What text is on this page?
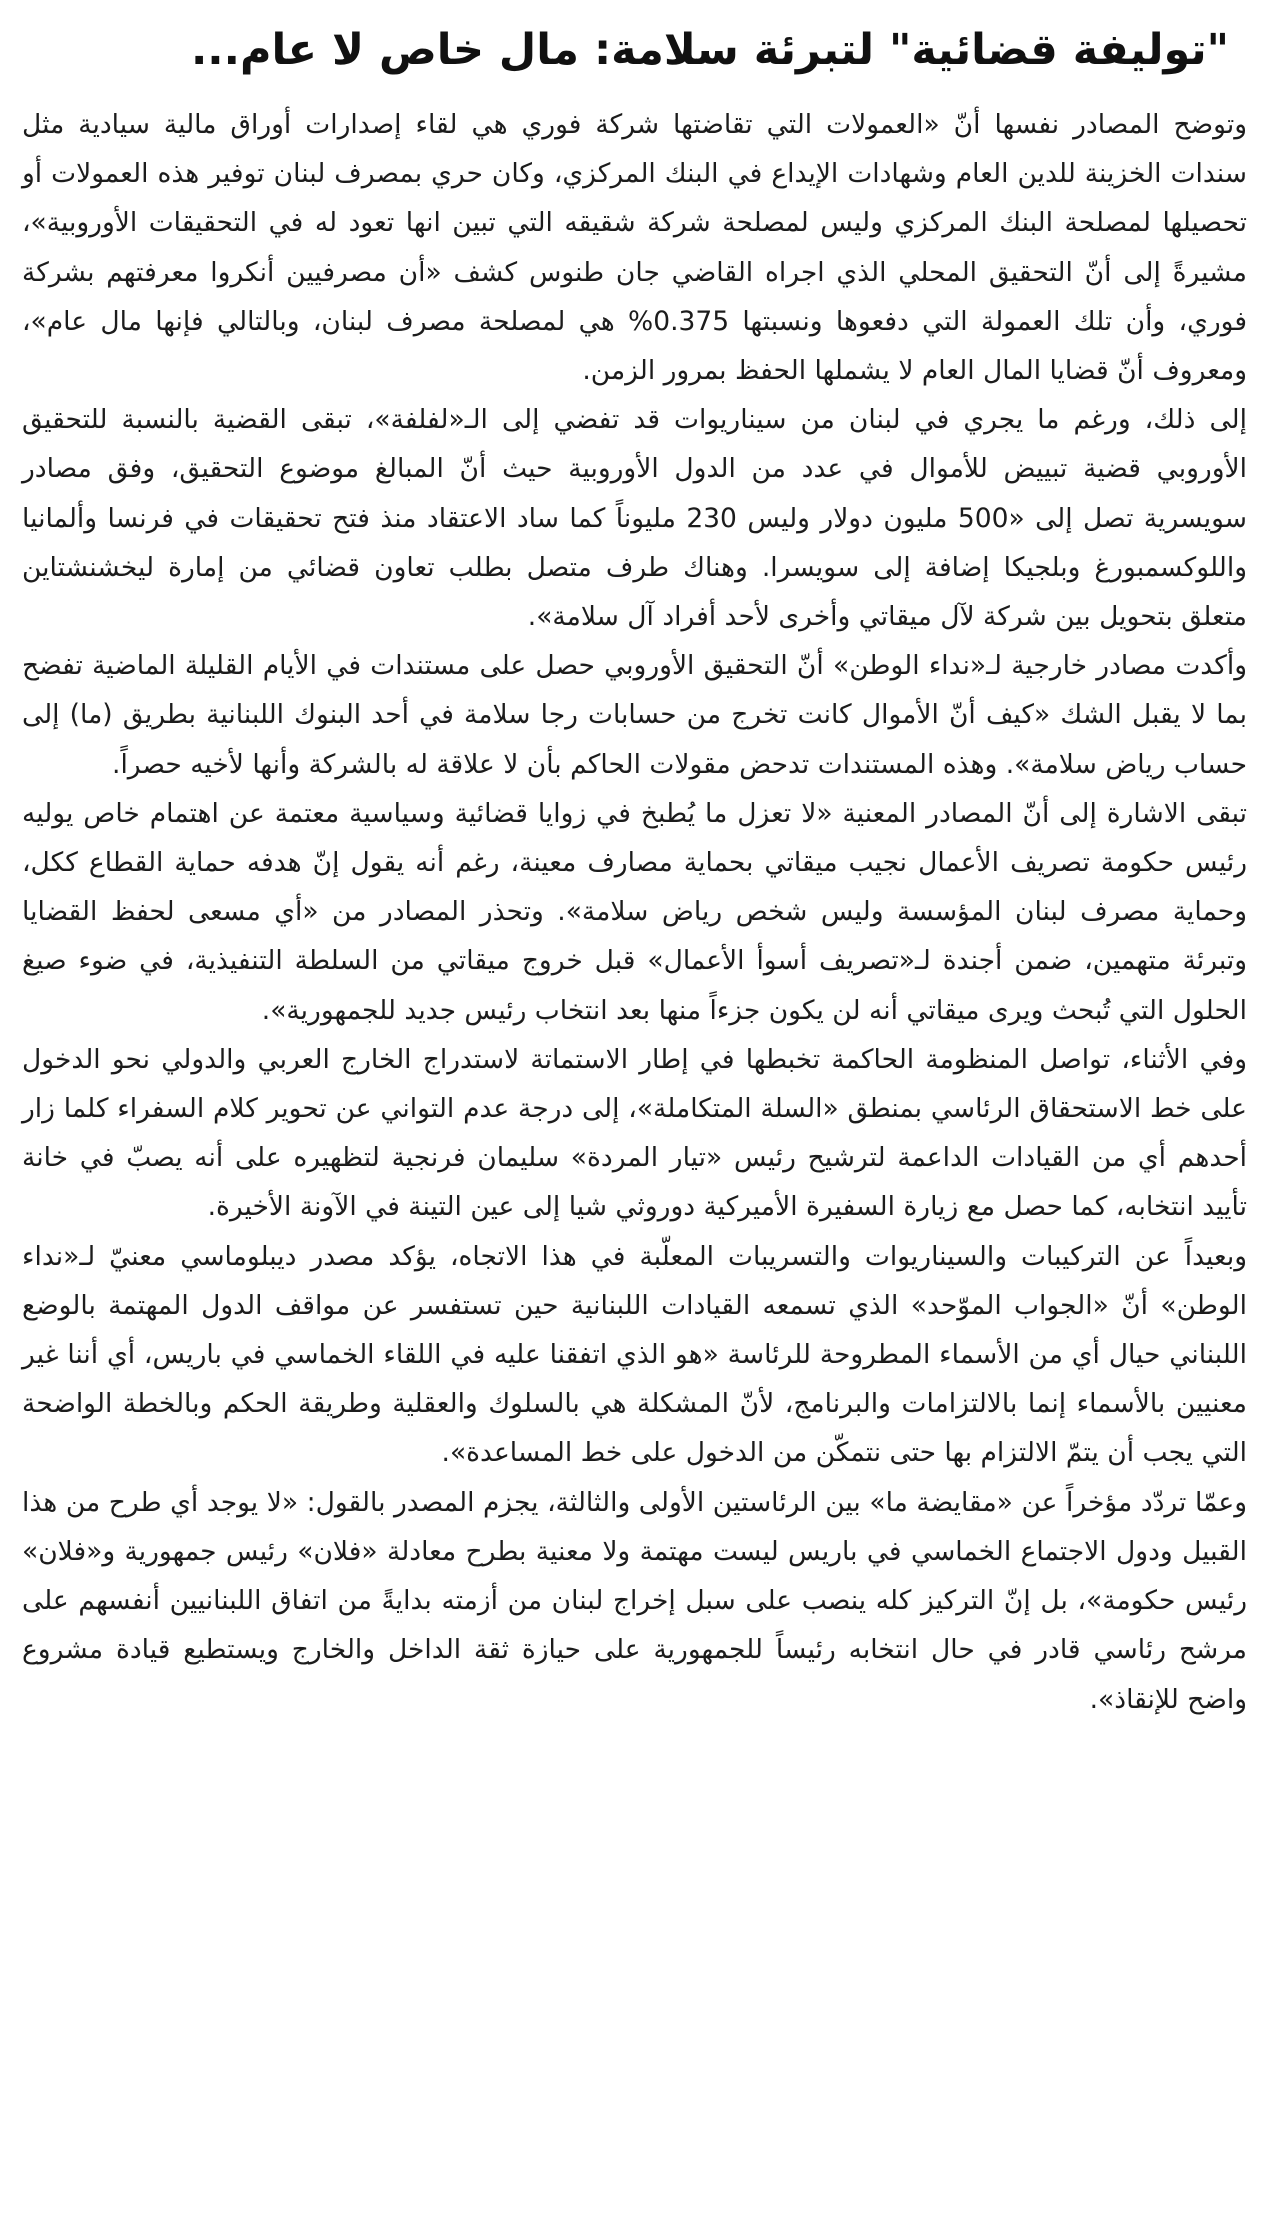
"توليفة قضائية" لتبرئة سلامة: مال خاص لا عام...

وتوضح المصادر نفسها أنّ «العمولات التي تقاضتها شركة فوري هي لقاء إصدارات أوراق مالية سيادية مثل سندات الخزينة للدين العام وشهادات الإيداع في البنك المركزي، وكان حري بمصرف لبنان توفير هذه العمولات أو تحصيلها لمصلحة البنك المركزي وليس لمصلحة شركة شقيقه التي تبين انها تعود له في التحقيقات الأوروبية»، مشيرةً إلى أنّ التحقيق المحلي الذي اجراه القاضي جان طنوس كشف «أن مصرفيين أنكروا معرفتهم بشركة فوري، وأن تلك العمولة التي دفعوها ونسبتها 0.375% هي لمصلحة مصرف لبنان، وبالتالي فإنها مال عام»، ومعروف أنّ قضايا المال العام لا يشملها الحفظ بمرور الزمن.

إلى ذلك، ورغم ما يجري في لبنان من سيناريوات قد تفضي إلى الـ«لفلفة»، تبقى القضية بالنسبة للتحقيق الأوروبي قضية تبييض للأموال في عدد من الدول الأوروبية حيث أنّ المبالغ موضوع التحقيق، وفق مصادر سويسرية تصل إلى «500 مليون دولار وليس 230 مليوناً كما ساد الاعتقاد منذ فتح تحقيقات في فرنسا وألمانيا واللوكسمبورغ وبلجيكا إضافة إلى سويسرا. وهناك طرف متصل بطلب تعاون قضائي من إمارة ليخشنشتاين متعلق بتحويل بين شركة لآل ميقاتي وأخرى لأحد أفراد آل سلامة».

وأكدت مصادر خارجية لـ«نداء الوطن» أنّ التحقيق الأوروبي حصل على مستندات في الأيام القليلة الماضية تفضح بما لا يقبل الشك «كيف أنّ الأموال كانت تخرج من حسابات رجا سلامة في أحد البنوك اللبنانية بطريق (ما) إلى حساب رياض سلامة». وهذه المستندات تدحض مقولات الحاكم بأن لا علاقة له بالشركة وأنها لأخيه حصراً.

تبقى الاشارة إلى أنّ المصادر المعنية «لا تعزل ما يُطبخ في زوايا قضائية وسياسية معتمة عن اهتمام خاص يوليه رئيس حكومة تصريف الأعمال نجيب ميقاتي بحماية مصارف معينة، رغم أنه يقول إنّ هدفه حماية القطاع ككل، وحماية مصرف لبنان المؤسسة وليس شخص رياض سلامة». وتحذر المصادر من «أي مسعى لحفظ القضايا وتبرئة متهمين، ضمن أجندة لـ«تصريف أسوأ الأعمال» قبل خروج ميقاتي من السلطة التنفيذية، في ضوء صيغ الحلول التي تُبحث ويرى ميقاتي أنه لن يكون جزءاً منها بعد انتخاب رئيس جديد للجمهورية».

وفي الأثناء، تواصل المنظومة الحاكمة تخبطها في إطار الاستماتة لاستدراج الخارج العربي والدولي نحو الدخول على خط الاستحقاق الرئاسي بمنطق «السلة المتكاملة»، إلى درجة عدم التواني عن تحوير كلام السفراء كلما زار أحدهم أي من القيادات الداعمة لترشيح رئيس «تيار المردة» سليمان فرنجية لتظهيره على أنه يصبّ في خانة تأييد انتخابه، كما حصل مع زيارة السفيرة الأميركية دوروثي شيا إلى عين التينة في الآونة الأخيرة.

وبعيداً عن التركيبات والسيناريوات والتسريبات المعلّبة في هذا الاتجاه، يؤكد مصدر ديبلوماسي معنيّ لـ«نداء الوطن» أنّ «الجواب الموّحد» الذي تسمعه القيادات اللبنانية حين تستفسر عن مواقف الدول المهتمة بالوضع اللبناني حيال أي من الأسماء المطروحة للرئاسة «هو الذي اتفقنا عليه في اللقاء الخماسي في باريس، أي أننا غير معنيين بالأسماء إنما بالالتزامات والبرنامج، لأنّ المشكلة هي بالسلوك والعقلية وطريقة الحكم وبالخطة الواضحة التي يجب أن يتمّ الالتزام بها حتى نتمكّن من الدخول على خط المساعدة».

وعمّا تردّد مؤخراً عن «مقايضة ما» بين الرئاستين الأولى والثالثة، يجزم المصدر بالقول: «لا يوجد أي طرح من هذا القبيل ودول الاجتماع الخماسي في باريس ليست مهتمة ولا معنية بطرح معادلة «فلان» رئيس جمهورية و«فلان» رئيس حكومة»، بل إنّ التركيز كله ينصب على سبل إخراج لبنان من أزمته بدايةً من اتفاق اللبنانيين أنفسهم على مرشح رئاسي قادر في حال انتخابه رئيساً للجمهورية على حيازة ثقة الداخل والخارج ويستطيع قيادة مشروع واضح للإنقاذ».
